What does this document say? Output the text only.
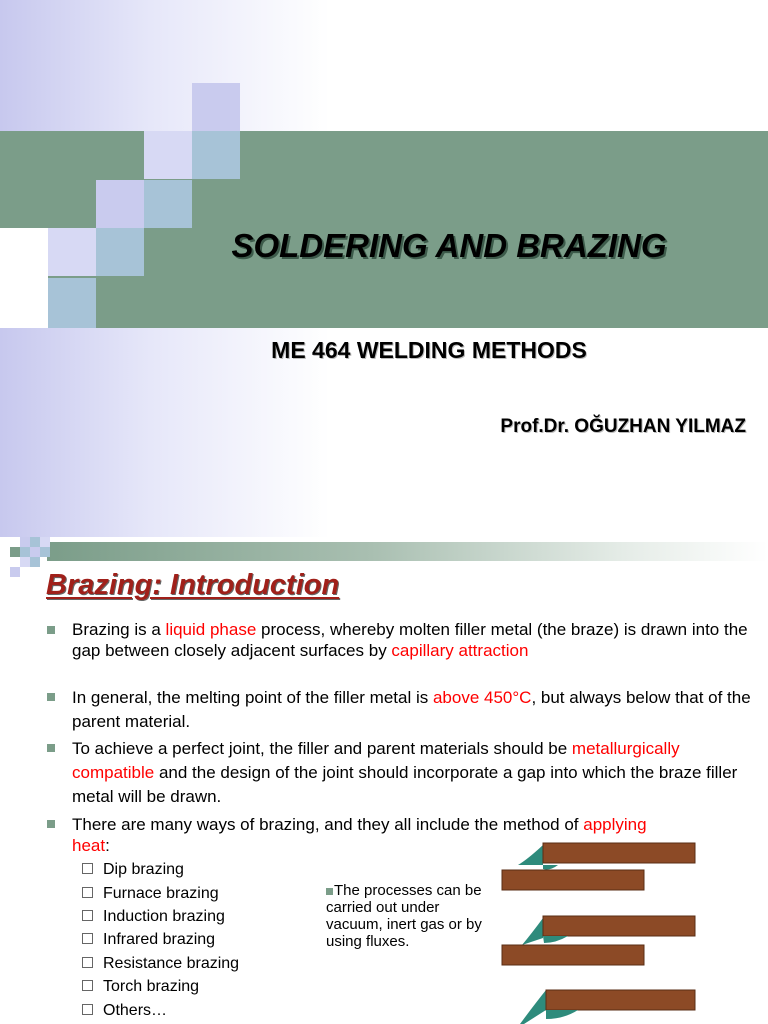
SOLDERING AND BRAZING
ME 464 WELDING METHODS
Prof.Dr. OĞUZHAN YILMAZ
Brazing: Introduction
Brazing is a liquid phase process, whereby molten filler metal (the braze) is drawn into the gap between closely adjacent surfaces by capillary attraction
In general, the melting point of the filler metal is above 450°C, but always below that of the parent material.
To achieve a perfect joint, the filler and parent materials should be metallurgically compatible and the design of the joint should incorporate a gap into which the braze filler metal will be drawn.
There are many ways of brazing, and they all include the method of applying heat:
Dip brazing
Furnace brazing
Induction brazing
Infrared brazing
Resistance brazing
Torch brazing
Others…
The processes can be carried out under vacuum, inert gas or by using fluxes.
